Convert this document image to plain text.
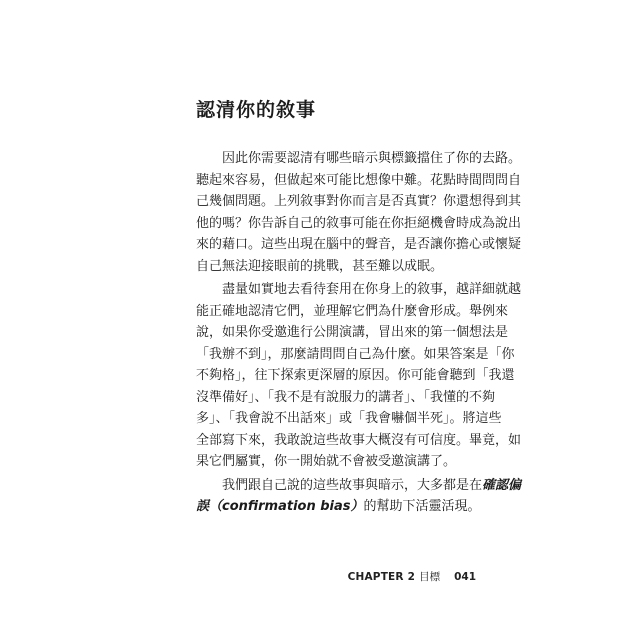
認清你的敘事

因此你需要認清有哪些暗示與標籤擋住了你的去路。
聽起來容易，但做起來可能比想像中難。花點時間問問自
己幾個問題。上列敘事對你而言是否真實？你還想得到其
他的嗎？你告訴自己的敘事可能在你拒絕機會時成為說出
來的藉口。這些出現在腦中的聲音，是否讓你擔心或懷疑
自己無法迎接眼前的挑戰，甚至難以成眠。

盡量如實地去看待套用在你身上的敘事，越詳細就越
能正確地認清它們，並理解它們為什麼會形成。舉例來
說，如果你受邀進行公開演講，冒出來的第一個想法是
「我辦不到」，那麼請問問自己為什麼。如果答案是「你
不夠格」，往下探索更深層的原因。你可能會聽到「我還
沒準備好」、「我不是有說服力的講者」、「我懂的不夠
多」、「我會說不出話來」或「我會嚇個半死」。將這些
全部寫下來，我敢說這些故事大概沒有可信度。畢竟，如
果它們屬實，你一開始就不會被受邀演講了。

我們跟自己說的這些故事與暗示，大多都是在確認偏
誤（confirmation bias）的幫助下活靈活現。

CHAPTER 2 目標 041
